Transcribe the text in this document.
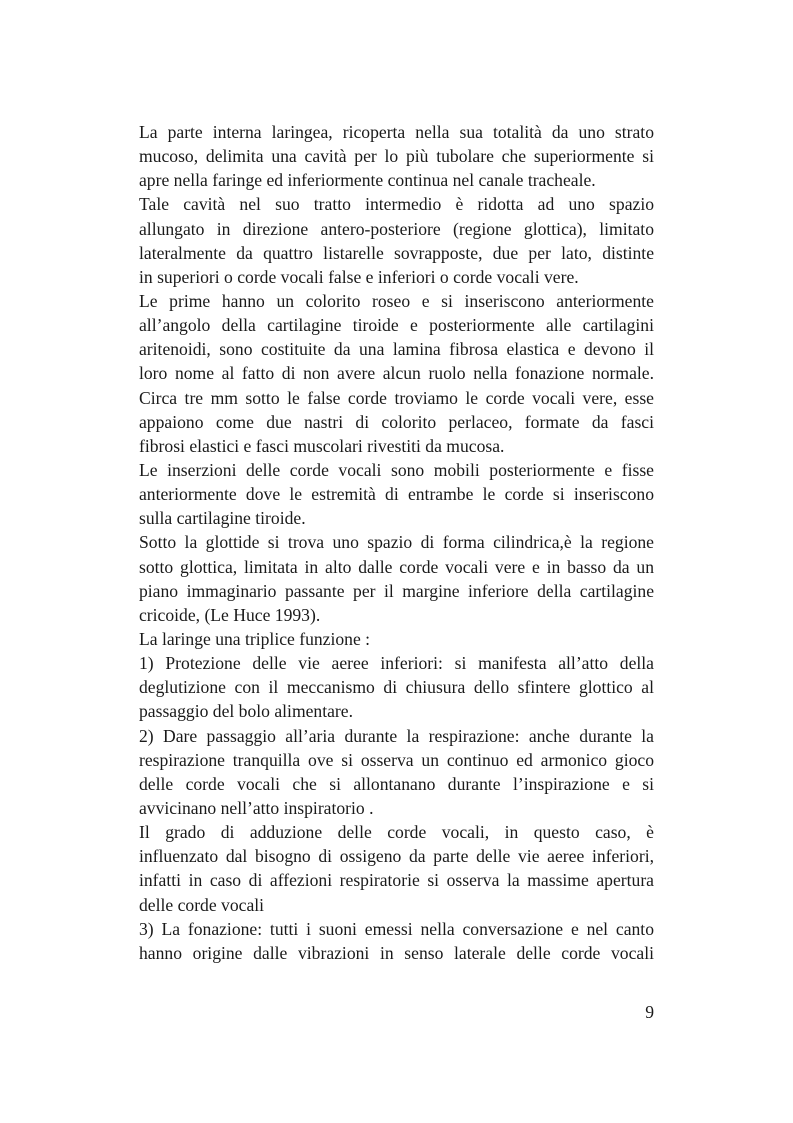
La parte interna laringea, ricoperta nella sua totalità da uno strato
mucoso, delimita una cavità per lo più tubolare che superiormente si
apre nella faringe ed inferiormente continua nel canale tracheale.
Tale cavità nel suo tratto intermedio è ridotta ad uno spazio
allungato in direzione antero-posteriore (regione glottica), limitato
lateralmente da quattro listarelle sovrapposte, due per lato, distinte
in superiori o corde vocali false e inferiori o corde vocali vere.
Le prime hanno un colorito roseo e si inseriscono anteriormente
all’angolo della cartilagine tiroide e posteriormente alle cartilagini
aritenoidi, sono costituite da una lamina fibrosa elastica e devono il
loro nome al fatto di non avere alcun ruolo nella fonazione normale.
Circa tre mm sotto le false corde troviamo le corde vocali vere, esse
appaiono come due nastri di colorito perlaceo, formate da fasci
fibrosi elastici e fasci muscolari rivestiti da mucosa.
Le inserzioni delle corde vocali sono mobili posteriormente e fisse
anteriormente dove le estremità di entrambe le corde si inseriscono
sulla cartilagine tiroide.
Sotto la glottide si trova uno spazio di forma cilindrica,è la regione
sotto glottica, limitata in alto dalle corde vocali vere e in basso da un
piano immaginario passante per il margine inferiore della cartilagine
cricoide, (Le Huce 1993).
La laringe una triplice funzione :
1) Protezione delle vie aeree inferiori: si manifesta all’atto della
deglutizione con il meccanismo di chiusura dello sfintere glottico al
passaggio del bolo alimentare.
2) Dare passaggio all’aria durante la respirazione: anche durante la
respirazione tranquilla ove si osserva un continuo ed armonico gioco
delle corde vocali che si allontanano durante l’inspirazione e si
avvicinano nell’atto inspiratorio .
Il grado di adduzione delle corde vocali, in questo caso, è
influenzato dal bisogno di ossigeno da parte delle vie aeree inferiori,
infatti in caso di affezioni respiratorie si osserva la massime apertura
delle corde vocali
3) La fonazione: tutti i suoni emessi nella conversazione e nel canto
hanno origine dalle vibrazioni in senso laterale delle corde vocali
9
